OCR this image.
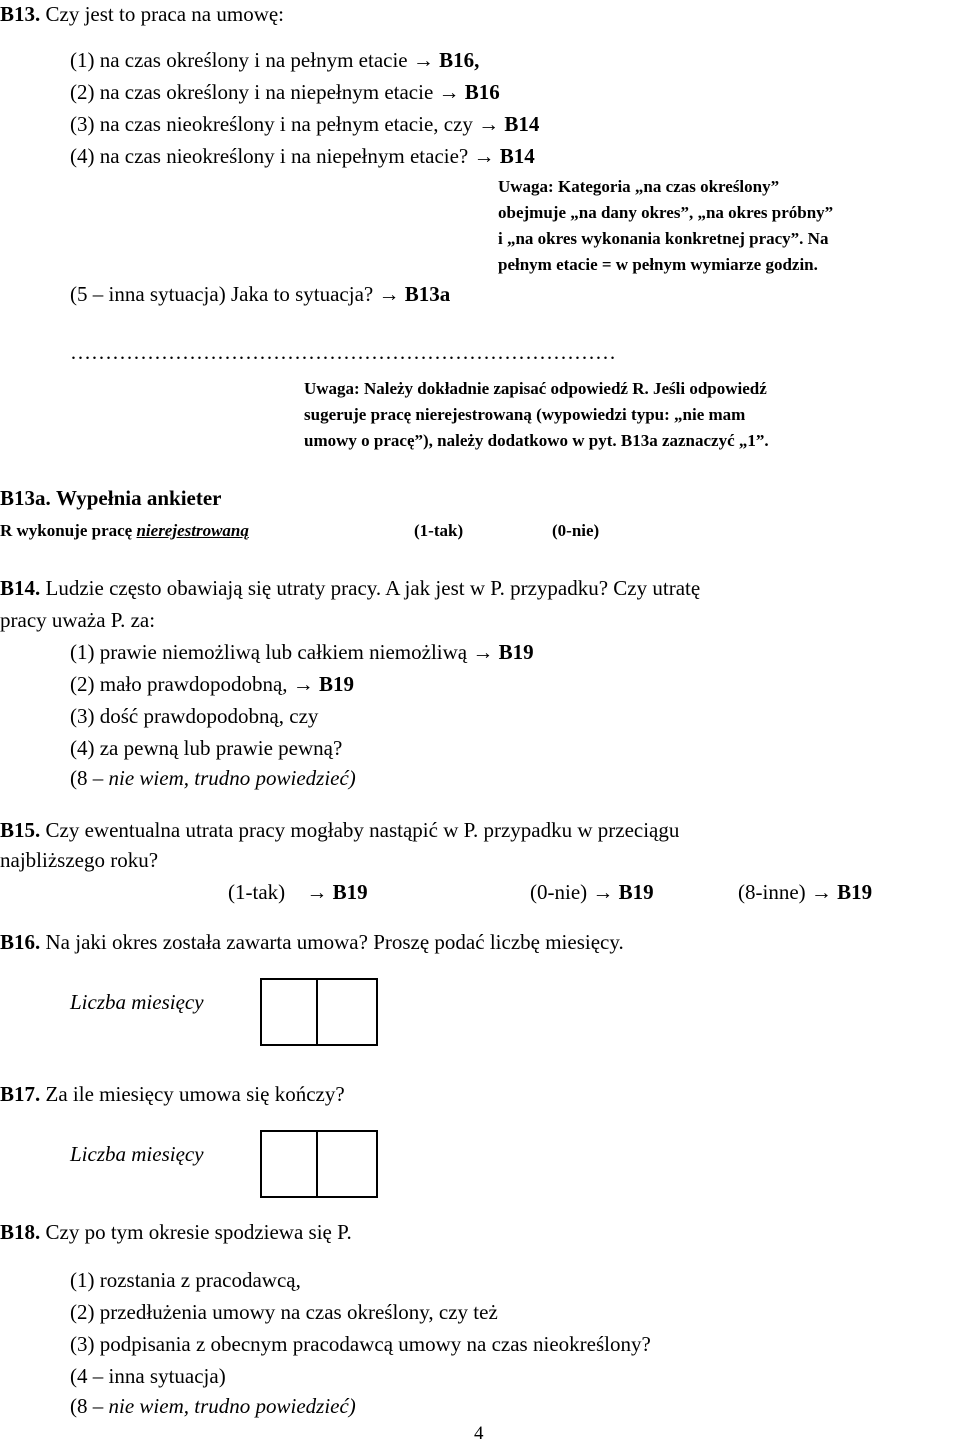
B13. Czy jest to praca na umowę:
(1) na czas określony i na pełnym etacie → B16,
(2) na czas określony i na niepełnym etacie → B16
(3) na czas nieokreślony i na pełnym etacie, czy → B14
(4) na czas nieokreślony i na niepełnym etacie? → B14
Uwaga: Kategoria „na czas określony”
obejmuje „na dany okres”, „na okres próbny”
i „na okres wykonania konkretnej pracy”. Na
pełnym etacie = w pełnym wymiarze godzin.
(5 – inna sytuacja) Jaka to sytuacja? → B13a
……………………………………………………………………
Uwaga: Należy dokładnie zapisać odpowiedź R. Jeśli odpowiedź
sugeruje pracę nierejestrowaną (wypowiedzi typu: „nie mam
umowy o pracę”), należy dodatkowo w pyt. B13a zaznaczyć „1”.
B13a. Wypełnia ankieter
R wykonuje pracę nierejestrowaną	(1-tak)	(0-nie)
B14. Ludzie często obawiają się utraty pracy. A jak jest w P. przypadku? Czy utratę
pracy uważa P. za:
(1) prawie niemożliwą lub całkiem niemożliwą → B19
(2) mało prawdopodobną, → B19
(3) dość prawdopodobną, czy
(4) za pewną lub prawie pewną?
(8 – nie wiem, trudno powiedzieć)
B15. Czy ewentualna utrata pracy mogłaby nastąpić w P. przypadku w przeciągu
najbliższego roku?
(1-tak) → B19	(0-nie) → B19	(8-inne) → B19
B16. Na jaki okres została zawarta umowa? Proszę podać liczbę miesięcy.
Liczba miesięcy
B17. Za ile miesięcy umowa się kończy?
Liczba miesięcy
B18. Czy po tym okresie spodziewa się P.
(1) rozstania z pracodawcą,
(2) przedłużenia umowy na czas określony, czy też
(3) podpisania z obecnym pracodawcą umowy na czas nieokreślony?
(4 – inna sytuacja)
(8 – nie wiem, trudno powiedzieć)
4
